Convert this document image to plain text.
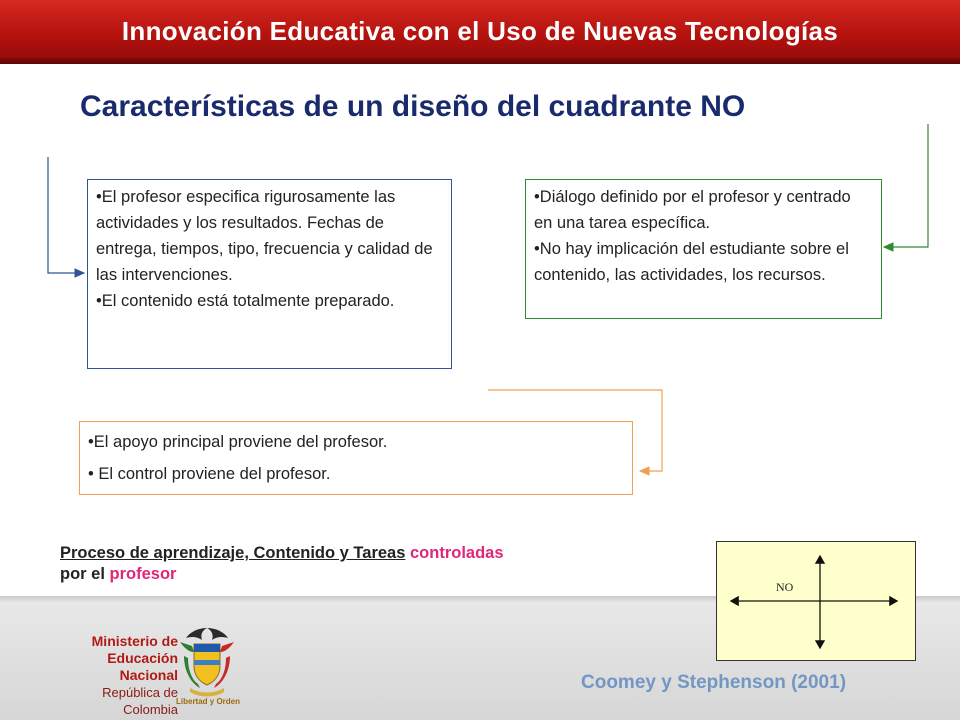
Innovación Educativa con el Uso de Nuevas Tecnologías
Características de un diseño del cuadrante NO

•El profesor especifica rigurosamente las actividades y los resultados. Fechas de entrega, tiempos, tipo, frecuencia y calidad de las intervenciones.

•El contenido está totalmente preparado.

•Diálogo definido por el profesor y centrado en una tarea específica.

•No hay implicación del estudiante sobre el contenido, las actividades, los recursos.

•El apoyo principal proviene del profesor.

• El control proviene del profesor.

Proceso de aprendizaje, Contenido y Tareas controladas
por el profesor
NO
Ministerio de
Educación Nacional
República de Colombia
Libertad y Orden
Coomey y Stephenson (2001)
